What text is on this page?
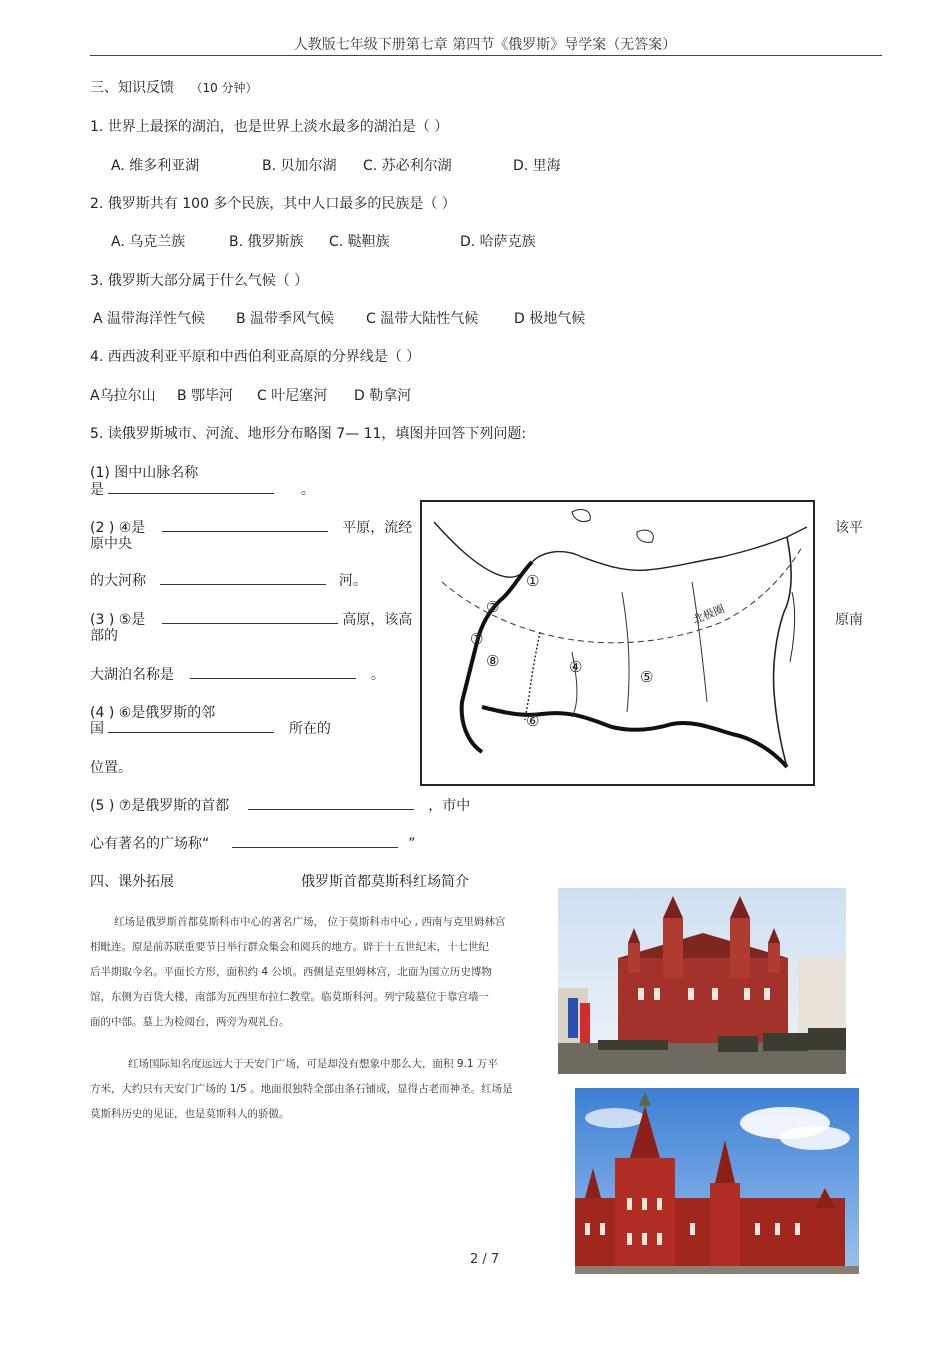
人教版七年级下册第七章 第四节《俄罗斯》导学案（无答案）
三、知识反馈 （10 分钟）
1. 世界上最探的湖泊，也是世界上淡水最多的湖泊是（ ）
A. 维多利亚湖	B. 贝加尔湖 C. 苏必利尔湖	D. 里海
2. 俄罗斯共有 100 多个民族，其中人口最多的民族是（ ）
A. 乌克兰族	B. 俄罗斯族 C. 鞑靼族	D. 哈萨克族
3. 俄罗斯大部分属于什么气候（ ）
A 温带海洋性气候 B 温带季风气候 C 温带大陆性气候	D 极地气候
4. 西西波利亚平原和中西伯利亚高原的分界线是（ ）
A乌拉尔山 B 鄂毕河 C 叶尼塞河 D 勒拿河
5. 读俄罗斯城市、河流、地形分布略图 7— 11，填图并回答下列问题:
(1) 图中山脉名称
是	。
(2 ) ④是	平原，流经	该平
原中央
的大河称	河。
(3 ) ⑤是	高原，该高	原南
部的
大湖泊名称是	。
(4 ) ⑥是俄罗斯的邻
国	所在的
位置。
(5 ) ⑦是俄罗斯的首都	，市中
心有著名的广场称“	”
北极圈
①
②
④
⑤
⑥
⑦
⑧
四、课外拓展	俄罗斯首都莫斯科红场简介
红场是俄罗斯首都莫斯科市中心的著名广场， 位于莫斯科市中心 , 西南与克里姆林宫
相毗连。原是前苏联重要节日举行群众集会和阅兵的地方。辟于十五世纪末，十七世纪
后半期取今名。平面长方形，面积约 4 公顷。西侧是克里姆林宫，北面为国立历史博物
馆，东侧为百货大楼，南部为瓦西里布拉仁教堂。临莫斯科河。列宁陵墓位于靠宫墙一
面的中部。墓上为检阅台，两旁为观礼台。
红场国际知名度远远大于天安门广场，可是却没有想象中那么大，面积 9.1 万平
方米，大约只有天安门广场的 1/5 。地面很独特全部由条石铺成，显得古老而神圣。红场是
莫斯科历史的见证，也是莫斯科人的骄傲。
2 / 7
